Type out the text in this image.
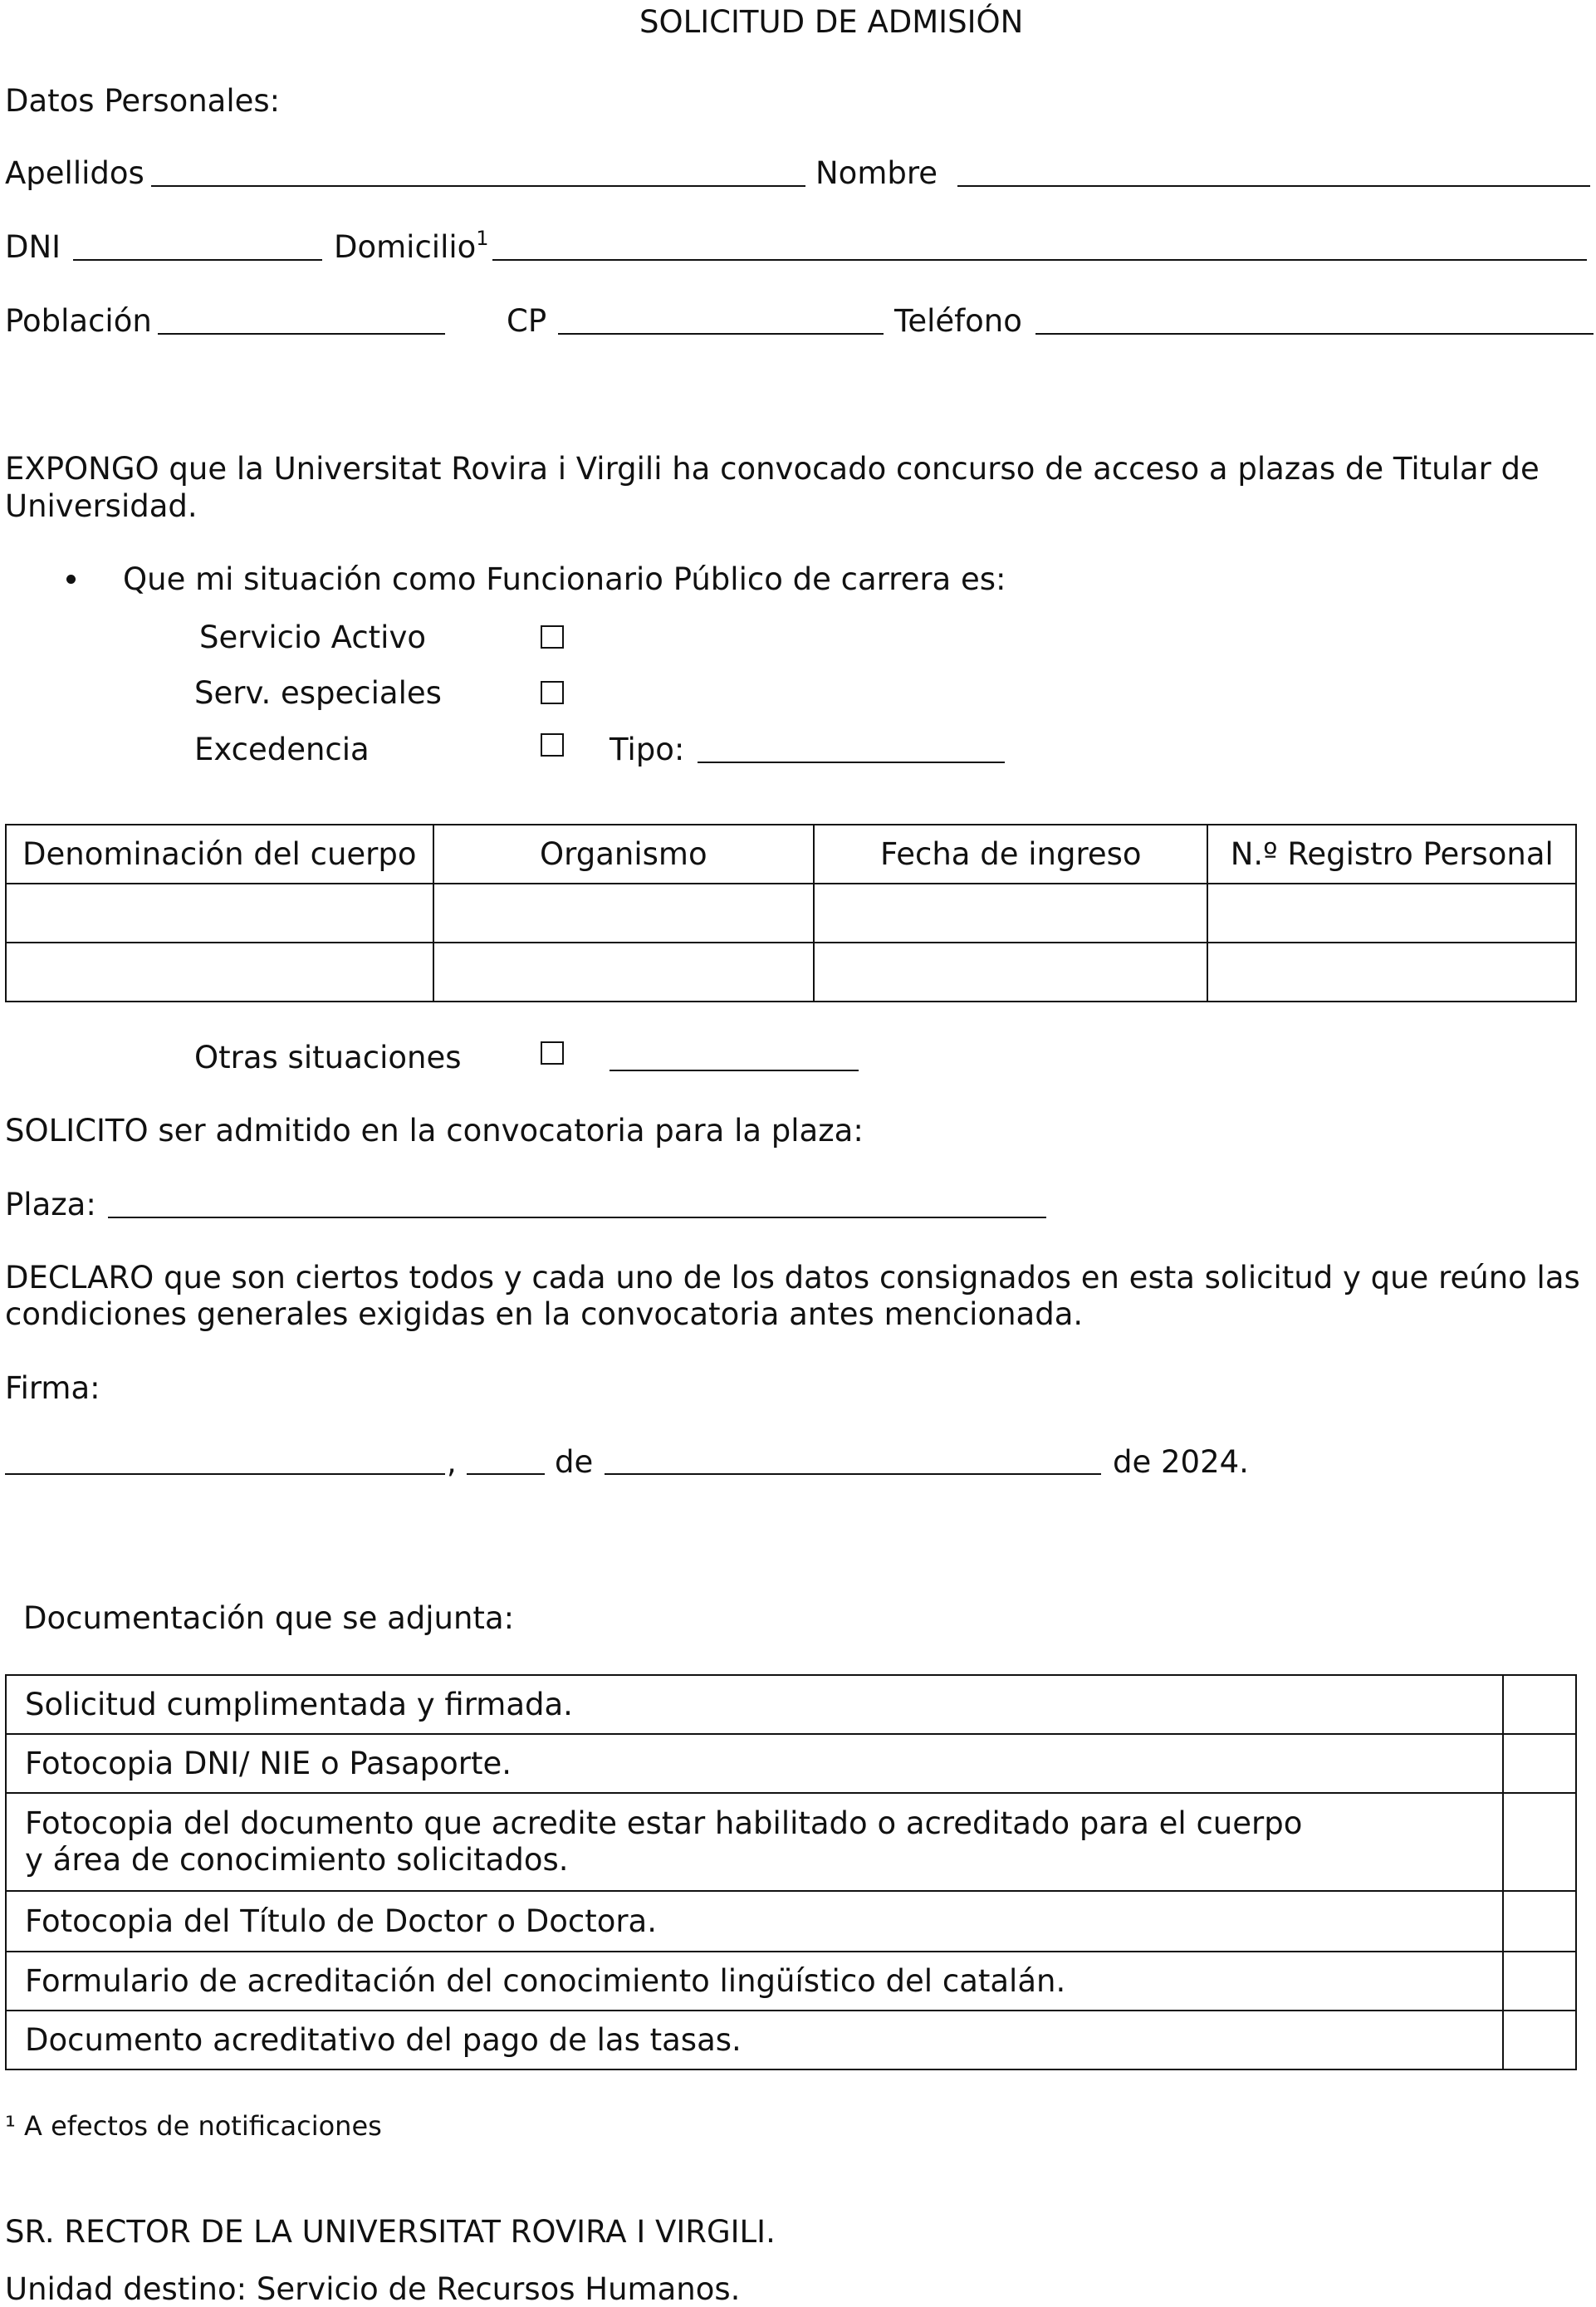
SOLICITUD DE ADMISIÓN
Datos Personales:
Apellidos	Nombre
DNI	Domicilio$^1$
Población	CP	Teléfono
EXPONGO que la Universitat Rovira i Virgili ha convocado concurso de acceso a plazas de Titular de
Universidad.
Que mi situación como Funcionario Público de carrera es:
Servicio Activo
Serv. especiales
Excedencia	Tipo:
Denominación del cuerpo	Organismo	Fecha de ingreso	N.º Registro Personal

Otras situaciones
SOLICITO ser admitido en la convocatoria para la plaza:
Plaza:
DECLARO que son ciertos todos y cada uno de los datos consignados en esta solicitud y que reúno las
condiciones generales exigidas en la convocatoria antes mencionada.
Firma:
,	de	de 2024.
Documentación que se adjunta:
Solicitud cumplimentada y firmada.	
Fotocopia DNI/ NIE o Pasaporte.	

Fotocopia del documento que acredite estar habilitado o acreditado para el cuerpo
y área de conocimiento solicitados.	

Fotocopia del Título de Doctor o Doctora.	
Formulario de acreditación del conocimiento lingüístico del catalán.	
Documento acreditativo del pago de las tasas.	
¹ A efectos de notificaciones
SR. RECTOR DE LA UNIVERSITAT ROVIRA I VIRGILI.
Unidad destino: Servicio de Recursos Humanos.
